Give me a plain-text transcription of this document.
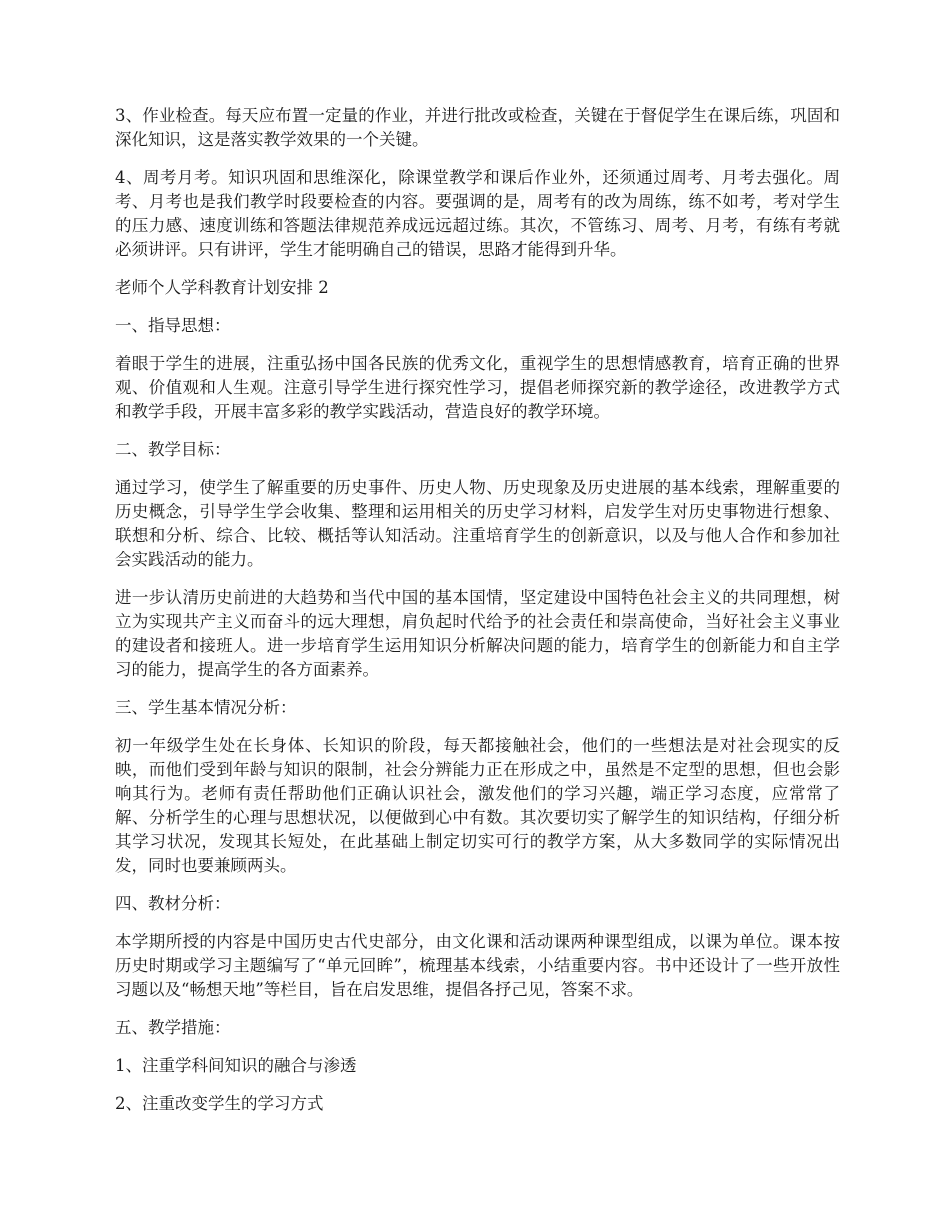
3、作业检查。每天应布置一定量的作业，并进行批改或检查，关键在于督促学生在课后练，巩固和深化知识，这是落实教学效果的一个关键。

4、周考月考。知识巩固和思维深化，除课堂教学和课后作业外，还须通过周考、月考去强化。周考、月考也是我们教学时段要检查的内容。要强调的是，周考有的改为周练，练不如考，考对学生的压力感、速度训练和答题法律规范养成远远超过练。其次，不管练习、周考、月考，有练有考就必须讲评。只有讲评，学生才能明确自己的错误，思路才能得到升华。

老师个人学科教育计划安排 2

一、指导思想：

着眼于学生的进展，注重弘扬中国各民族的优秀文化，重视学生的思想情感教育，培育正确的世界观、价值观和人生观。注意引导学生进行探究性学习，提倡老师探究新的教学途径，改进教学方式和教学手段，开展丰富多彩的教学实践活动，营造良好的教学环境。

二、教学目标：

通过学习，使学生了解重要的历史事件、历史人物、历史现象及历史进展的基本线索，理解重要的历史概念，引导学生学会收集、整理和运用相关的历史学习材料，启发学生对历史事物进行想象、联想和分析、综合、比较、概括等认知活动。注重培育学生的创新意识，以及与他人合作和参加社会实践活动的能力。

进一步认清历史前进的大趋势和当代中国的基本国情，坚定建设中国特色社会主义的共同理想，树立为实现共产主义而奋斗的远大理想，肩负起时代给予的社会责任和崇高使命，当好社会主义事业的建设者和接班人。进一步培育学生运用知识分析解决问题的能力，培育学生的创新能力和自主学习的能力，提高学生的各方面素养。

三、学生基本情况分析：

初一年级学生处在长身体、长知识的阶段，每天都接触社会，他们的一些想法是对社会现实的反映，而他们受到年龄与知识的限制，社会分辨能力正在形成之中，虽然是不定型的思想，但也会影响其行为。老师有责任帮助他们正确认识社会，激发他们的学习兴趣，端正学习态度，应常常了解、分析学生的心理与思想状况，以便做到心中有数。其次要切实了解学生的知识结构，仔细分析其学习状况，发现其长短处，在此基础上制定切实可行的教学方案，从大多数同学的实际情况出发，同时也要兼顾两头。

四、教材分析：

本学期所授的内容是中国历史古代史部分，由文化课和活动课两种课型组成，以课为单位。课本按历史时期或学习主题编写了“单元回眸”，梳理基本线索，小结重要内容。书中还设计了一些开放性习题以及“畅想天地”等栏目，旨在启发思维，提倡各抒己见，答案不求。

五、教学措施：

1、注重学科间知识的融合与渗透

2、注重改变学生的学习方式
